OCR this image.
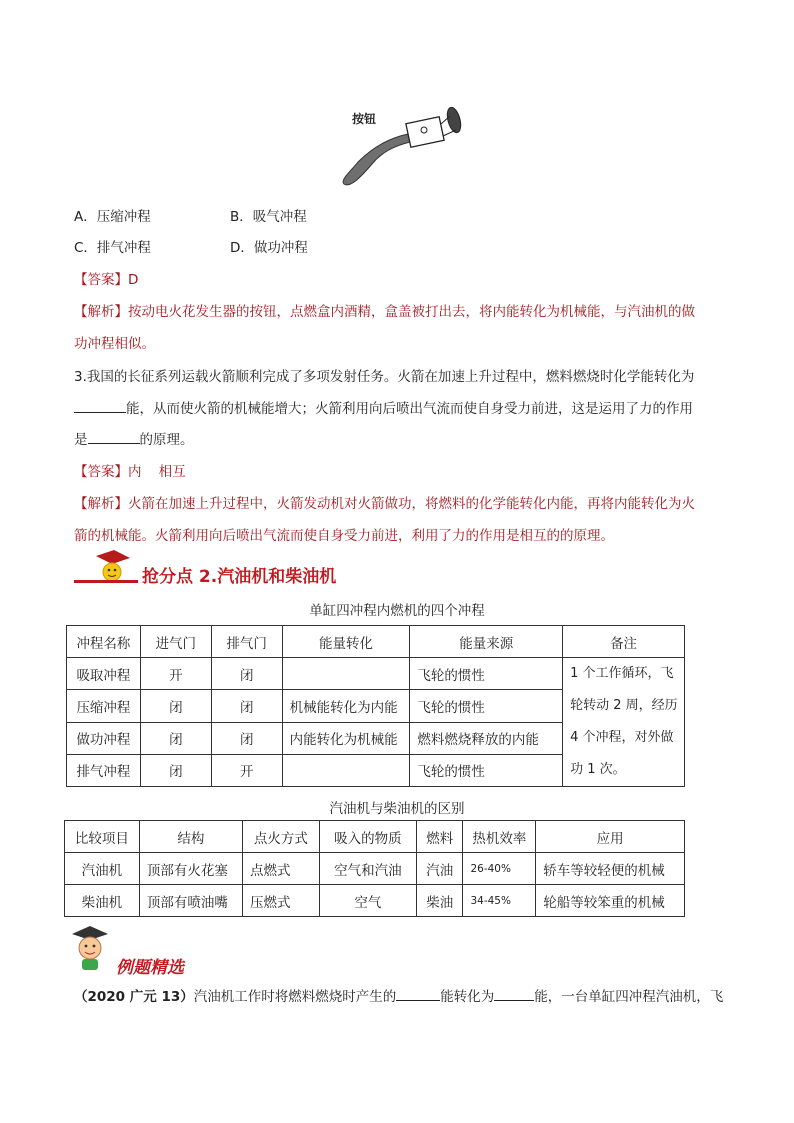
按钮
A．压缩冲程	B．吸气冲程
C．排气冲程	D．做功冲程
【答案】D
【解析】按动电火花发生器的按钮，点燃盒内酒精，盒盖被打出去，将内能转化为机械能，与汽油机的做
功冲程相似。
3.我国的长征系列运载火箭顺利完成了多项发射任务。火箭在加速上升过程中，燃料燃烧时化学能转化为
能，从而使火箭的机械能增大；火箭利用向后喷出气流而使自身受力前进，这是运用了力的作用
是	的原理。
【答案】内    相互
【解析】火箭在加速上升过程中，火箭发动机对火箭做功，将燃料的化学能转化内能，再将内能转化为火
箭的机械能。火箭利用向后喷出气流而使自身受力前进，利用了力的作用是相互的的原理。
抢分点 2.汽油机和柴油机
单缸四冲程内燃机的四个冲程
冲程名称	进气门	排气门	能量转化	能量来源	备注
吸取冲程	开	闭		飞轮的惯性	1 个工作循环，飞
轮转动 2 周，经历
4 个冲程，对外做
功 1 次。

压缩冲程	闭	闭	机械能转化为内能	飞轮的惯性	
做功冲程	闭	闭	内能转化为机械能	燃料燃烧释放的内能	
排气冲程	闭	开		飞轮的惯性	
汽油机与柴油机的区别
比较项目	结构	点火方式	吸入的物质	燃料	热机效率	应用
汽油机	顶部有火花塞	点燃式	空气和汽油	汽油	26-40%	轿车等较轻便的机械
柴油机	顶部有喷油嘴	压燃式	空气	柴油	34-45%	轮船等较笨重的机械
例题精选
（2020 广元 13）汽油机工作时将燃料燃烧时产生的	能转化为	能，一台单缸四冲程汽油机，飞
